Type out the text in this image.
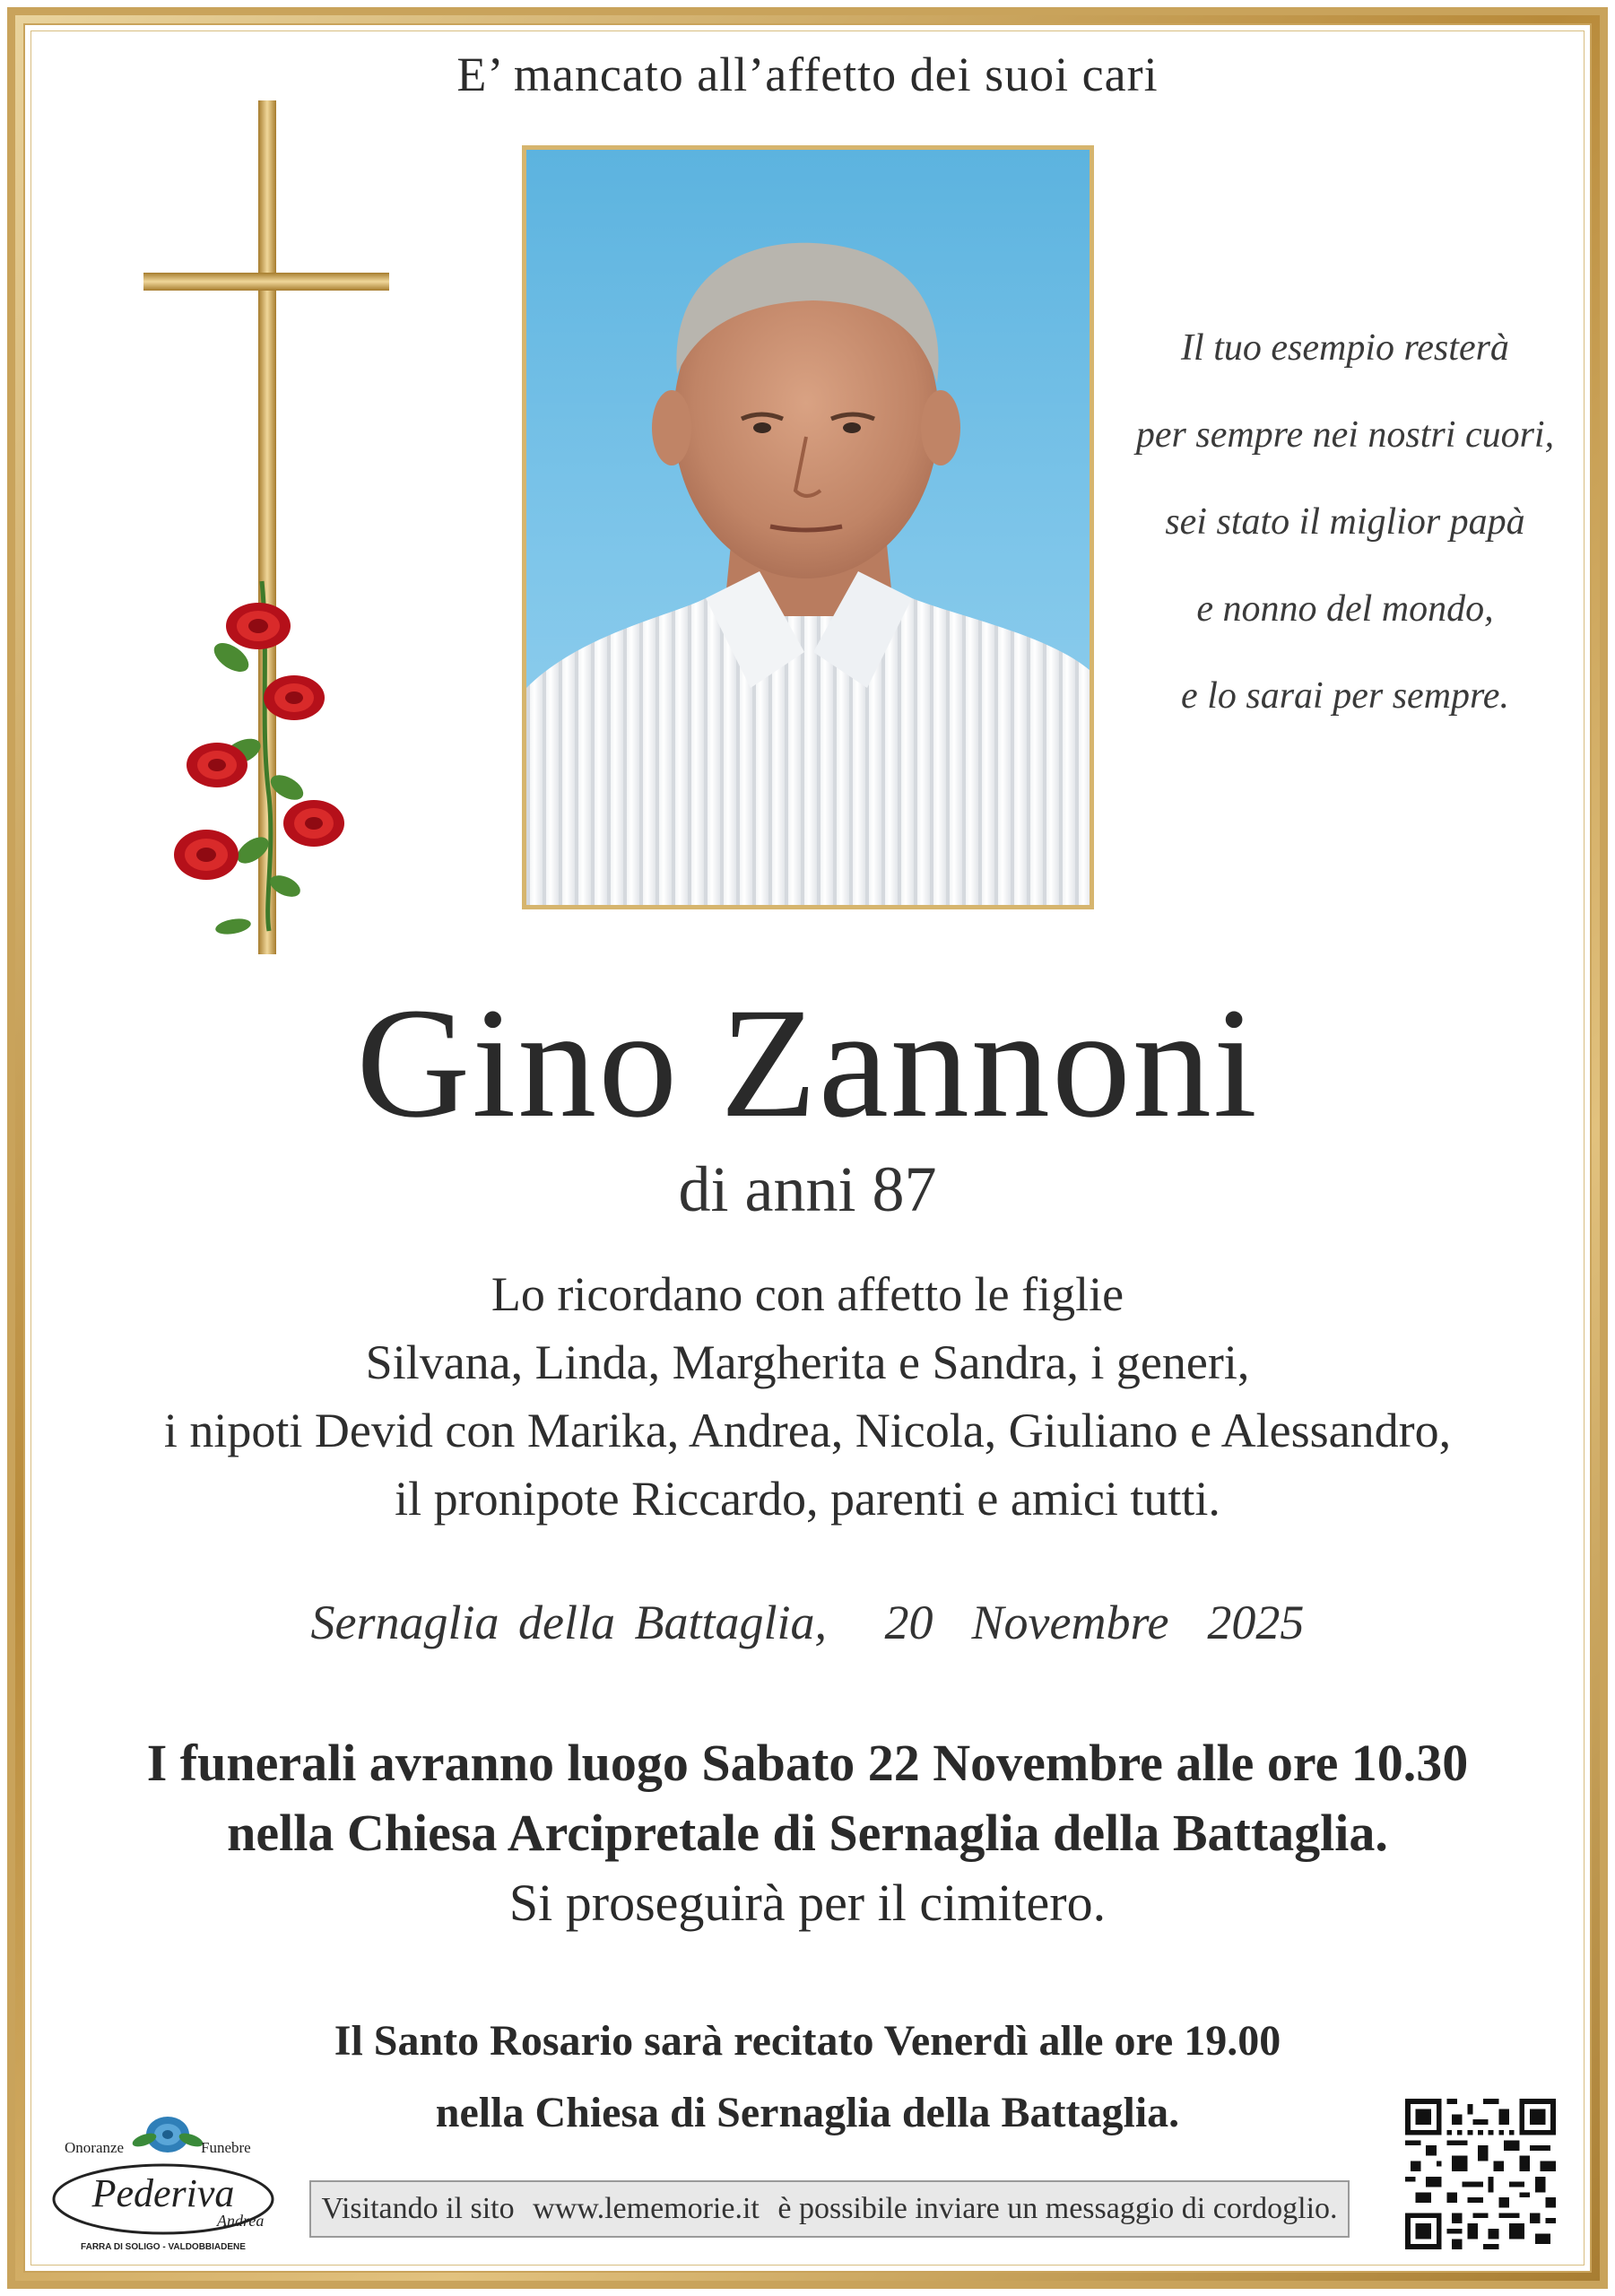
E’ mancato all’affetto dei suoi cari
Il tuo esempio resterà
per sempre nei nostri cuori,
sei stato il miglior papà
e nonno del mondo,
e lo sarai per sempre.
Gino Zannoni
di anni 87
Lo ricordano con affetto le figlie
Silvana, Linda, Margherita e Sandra, i generi,
i nipoti Devid con Marika, Andrea, Nicola, Giuliano e Alessandro,
il pronipote Riccardo, parenti e amici tutti.
Sernaglia della Battaglia,   20  Novembre  2025
I funerali avranno luogo Sabato 22 Novembre alle ore 10.30
nella Chiesa Arcipretale di Sernaglia della Battaglia.
Si proseguirà per il cimitero.
Il Santo Rosario sarà recitato Venerdì alle ore 19.00
nella Chiesa di Sernaglia della Battaglia.
Onoranze	Funebre
Pederiva
Andrea
FARRA DI SOLIGO - VALDOBBIADENE
Visitando il sito www.lememorie.it è possibile inviare un messaggio di cordoglio.
